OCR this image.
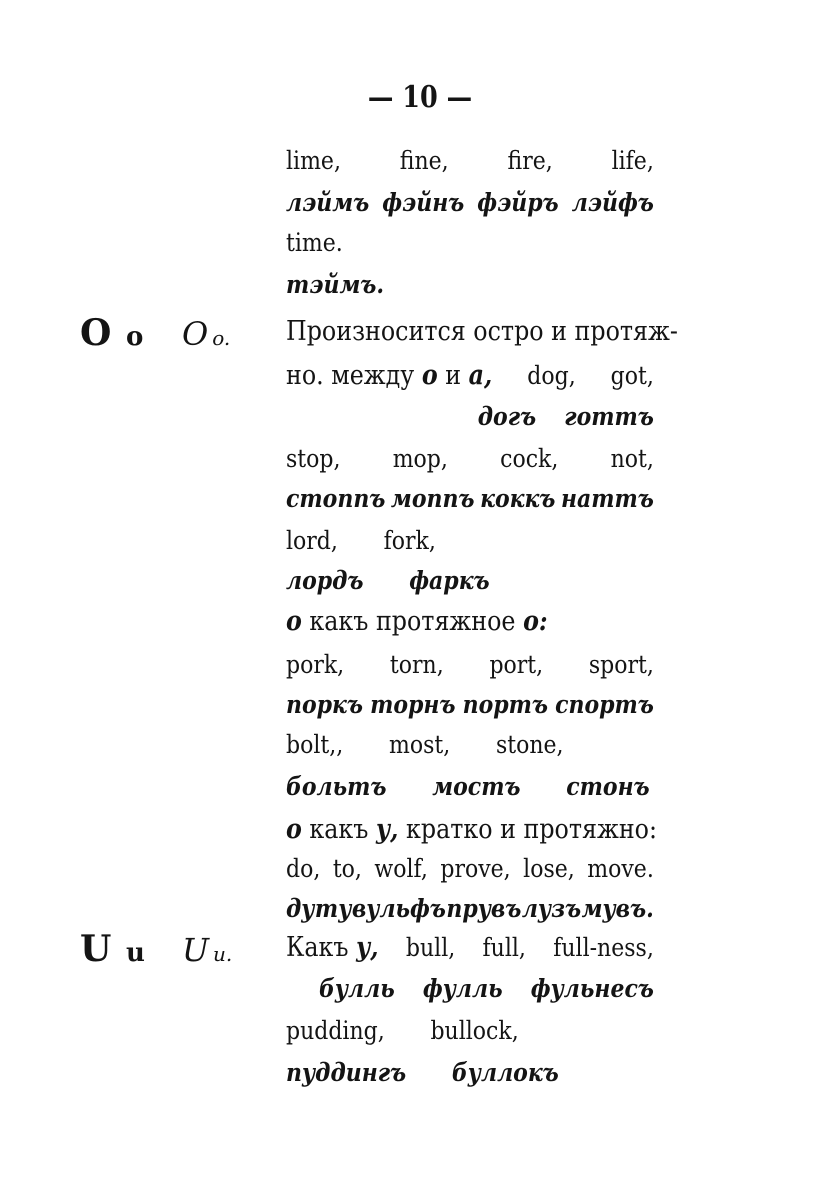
— 10 —
lime, fine, fire, life,
лэймъ фэйнъ фэйръ лэйфъ
time.
тэймъ.
O o	O o. Произносится остро и протяж-
но. между о и а, dog, got,
догъ готтъ
stop, mop, cock, not,
стоппъ моппъ коккъ наттъ
lord, fork,
лордъ фаркъ
о какъ протяжное о:
pork, torn, port, sport,
поркъ торнъ портъ спортъ
bolt,, most, stone,
больтъ мостъ стонъ
о какъ у, кратко и протяжно:
do, to, wolf, prove, lose, move.
ду ту вульфъ прувъ лузъ мувъ.
U u	U u. Какъ у, bull, full, full-ness,
булль фулль фульнесъ
pudding, bullock,
пуддингъ буллокъ
